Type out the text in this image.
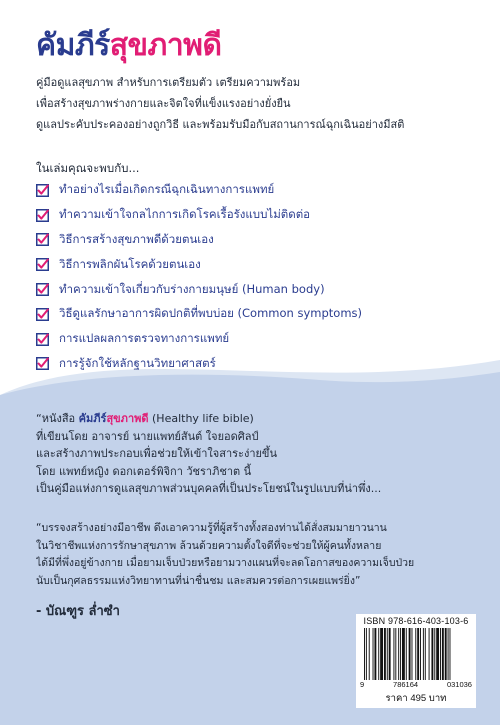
คัมภีร์สุขภาพดี
คู่มือดูแลสุขภาพ สำหรับการเตรียมตัว เตรียมความพร้อม
เพื่อสร้างสุขภาพร่างกายและจิตใจที่แข็งแรงอย่างยั่งยืน
ดูแลประคับประคองอย่างถูกวิธี และพร้อมรับมือกับสถานการณ์ฉุกเฉินอย่างมีสติ
ในเล่มคุณจะพบกับ...
ทำอย่างไรเมื่อเกิดกรณีฉุกเฉินทางการแพทย์
ทำความเข้าใจกลไกการเกิดโรคเรื้อรังแบบไม่ติดต่อ
วิธีการสร้างสุขภาพดีด้วยตนเอง
วิธีการพลิกผันโรคด้วยตนเอง
ทำความเข้าใจเกี่ยวกับร่างกายมนุษย์ (Human body)
วิธีดูแลรักษาอาการผิดปกติที่พบบ่อย (Common symptoms)
การแปลผลการตรวจทางการแพทย์
การรู้จักใช้หลักฐานวิทยาศาสตร์
“หนังสือ คัมภีร์สุขภาพดี (Healthy life bible)
ที่เขียนโดย อาจารย์ นายแพทย์สันต์ ใจยอดศิลป์
และสร้างภาพประกอบเพื่อช่วยให้เข้าใจสาระง่ายขึ้น
โดย แพทย์หญิง ดอกเตอร์พิจิกา วัชราภิชาต นี้
เป็นคู่มือแห่งการดูแลสุขภาพส่วนบุคคลที่เป็นประโยชน์ในรูปแบบที่น่าพึ่ง...
“บรรจงสร้างอย่างมีอาชีพ ดึงเอาความรู้ที่ผู้สร้างทั้งสองท่านได้สั่งสมมายาวนาน
ในวิชาชีพแห่งการรักษาสุขภาพ ล้วนด้วยความตั้งใจดีที่จะช่วยให้ผู้คนทั้งหลาย
ได้มีที่พึ่งอยู่ข้างกาย เมื่อยามเจ็บป่วยหรือยามวางแผนที่จะลดโอกาสของความเจ็บป่วย
นับเป็นกุศลธรรมแห่งวิทยาทานที่น่าชื่นชม และสมควรต่อการเผยแพร่ยิ่ง”
- บัณฑูร ล่ำซำ
ISBN 978-616-403-103-6
9	786164	031036
ราคา 495 บาท
